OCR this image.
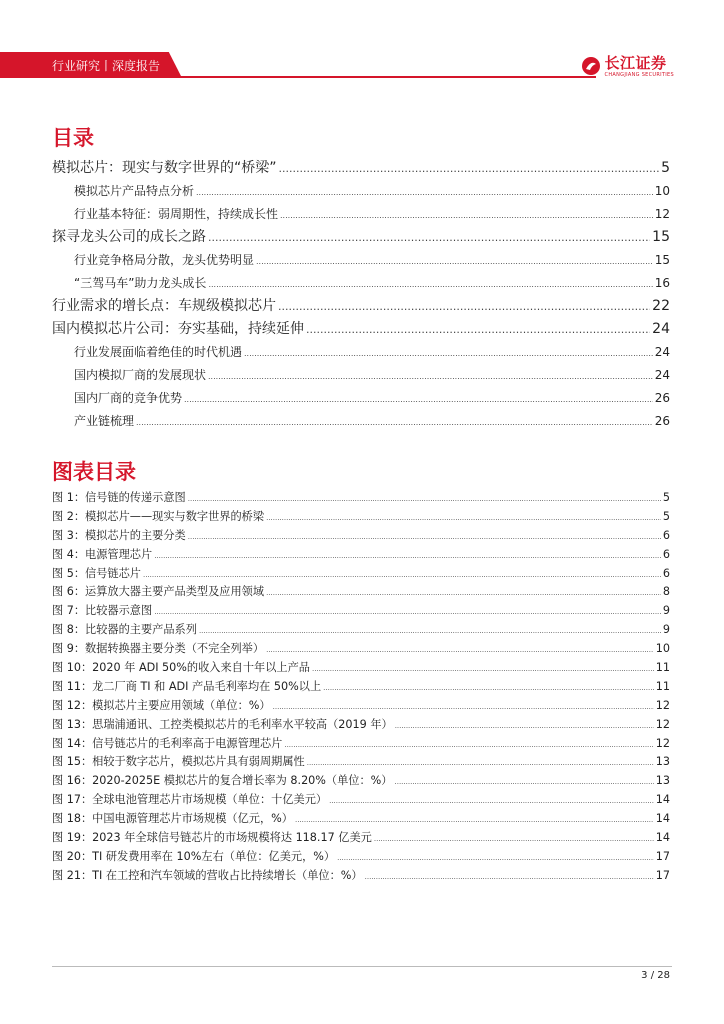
行业研究丨深度报告	长江证券
CHANGJIANG SECURITIES
目录
模拟芯片：现实与数字世界的“桥梁” .....	5
模拟芯片产品特点分析 .....	10
行业基本特征：弱周期性，持续成长性 .....	12
探寻龙头公司的成长之路 .....	15
行业竞争格局分散，龙头优势明显 .....	15
“三驾马车”助力龙头成长 .....	16
行业需求的增长点：车规级模拟芯片 .....	22
国内模拟芯片公司：夯实基础，持续延伸 .....	24
行业发展面临着绝佳的时代机遇 .....	24
国内模拟厂商的发展现状 .....	24
国内厂商的竞争优势 .....	26
产业链梳理 .....	26
图表目录
图 1：信号链的传递示意图 .....	5
图 2：模拟芯片——现实与数字世界的桥梁 .....	5
图 3：模拟芯片的主要分类 .....	6
图 4：电源管理芯片 .....	6
图 5：信号链芯片 .....	6
图 6：运算放大器主要产品类型及应用领域 .....	8
图 7：比较器示意图 .....	9
图 8：比较器的主要产品系列 .....	9
图 9：数据转换器主要分类（不完全列举） .....	10
图 10：2020 年 ADI 50%的收入来自十年以上产品 .....	11
图 11：龙二厂商 TI 和 ADI 产品毛利率均在 50%以上 .....	11
图 12：模拟芯片主要应用领域（单位：%） .....	12
图 13：思瑞浦通讯、工控类模拟芯片的毛利率水平较高（2019 年） .....	12
图 14：信号链芯片的毛利率高于电源管理芯片 .....	12
图 15：相较于数字芯片，模拟芯片具有弱周期属性 .....	13
图 16：2020-2025E 模拟芯片的复合增长率为 8.20%（单位：%） .....	13
图 17：全球电池管理芯片市场规模（单位：十亿美元） .....	14
图 18：中国电源管理芯片市场规模（亿元，%） .....	14
图 19：2023 年全球信号链芯片的市场规模将达 118.17 亿美元 .....	14
图 20：TI 研发费用率在 10%左右（单位：亿美元，%） .....	17
图 21：TI 在工控和汽车领域的营收占比持续增长（单位：%） .....	17
3 / 28
